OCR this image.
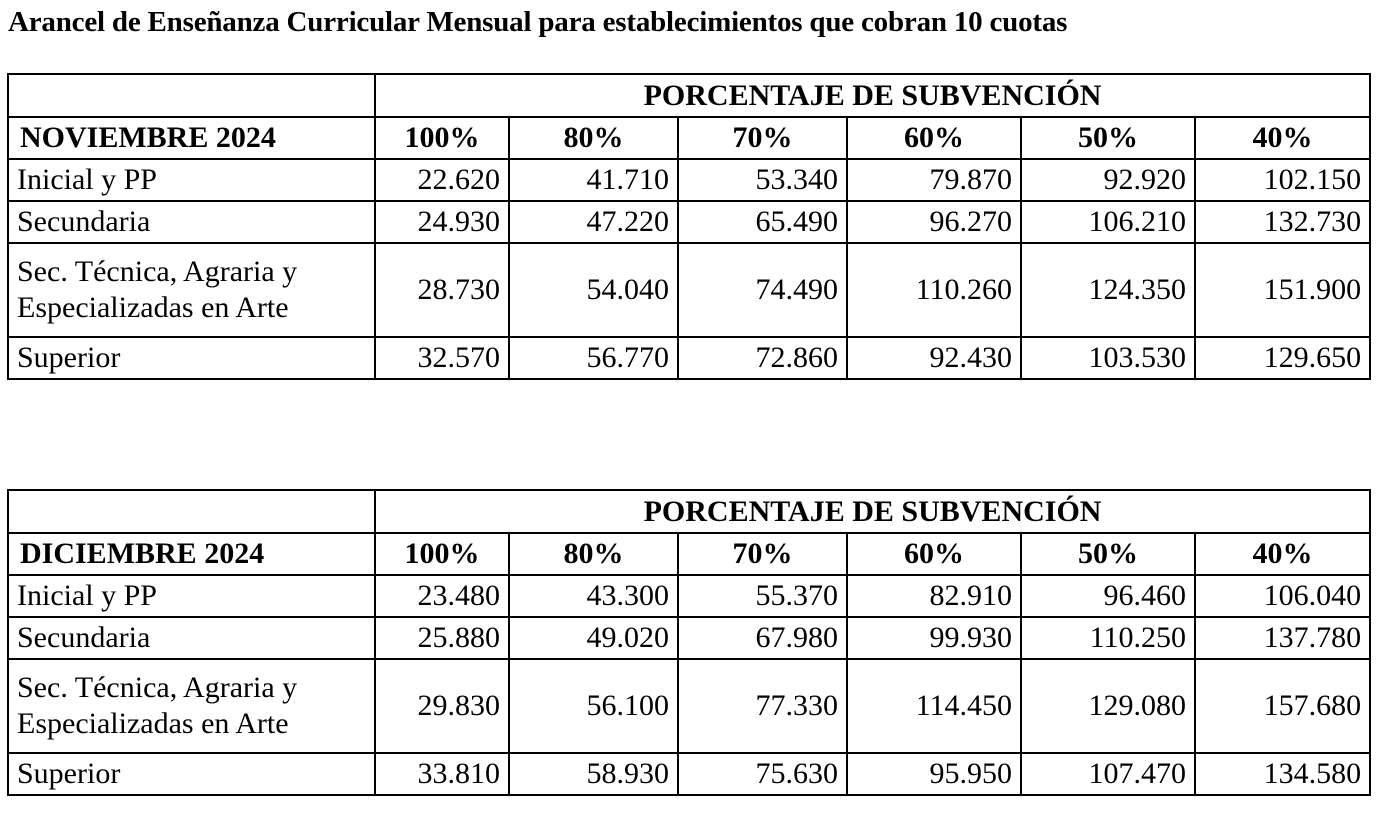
Arancel de Enseñanza Curricular Mensual para establecimientos que cobran 10 cuotas
	PORCENTAJE DE SUBVENCIÓN					
NOVIEMBRE 2024	100%	80%	70%	60%	50%	40%
Inicial y PP	22.620	41.710	53.340	79.870	92.920	102.150
Secundaria	24.930	47.220	65.490	96.270	106.210	132.730
Sec. Técnica, Agraria y Especializadas en Arte	28.730	54.040	74.490	110.260	124.350	151.900
Superior	32.570	56.770	72.860	92.430	103.530	129.650
	PORCENTAJE DE SUBVENCIÓN					
DICIEMBRE 2024	100%	80%	70%	60%	50%	40%
Inicial y PP	23.480	43.300	55.370	82.910	96.460	106.040
Secundaria	25.880	49.020	67.980	99.930	110.250	137.780
Sec. Técnica, Agraria y Especializadas en Arte	29.830	56.100	77.330	114.450	129.080	157.680
Superior	33.810	58.930	75.630	95.950	107.470	134.580
